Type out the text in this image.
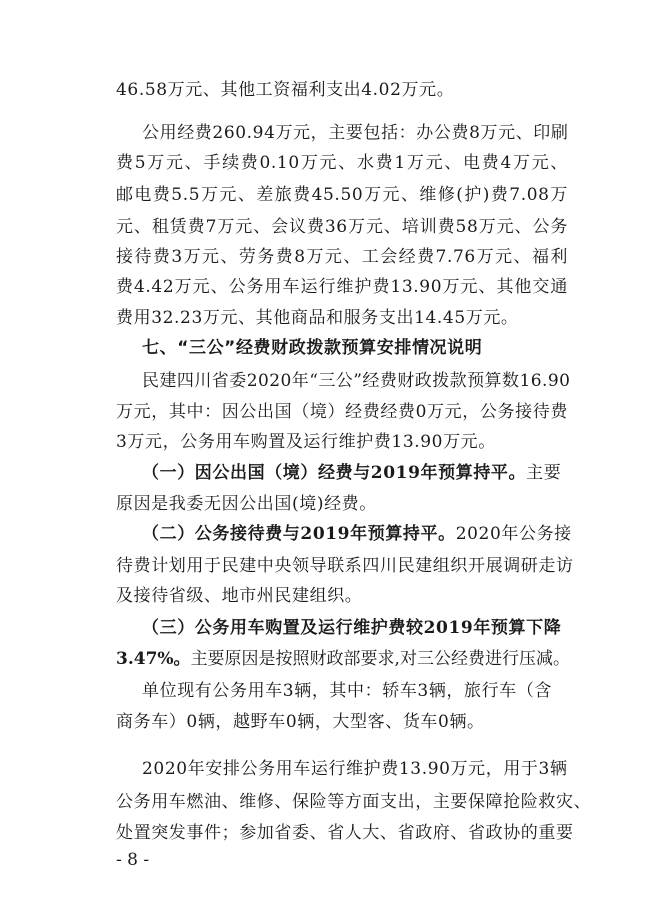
46.58万元、其他工资福利支出4.02万元。
公用经费260.94万元，主要包括：办公费8万元、印刷
费5万元、手续费0.10万元、水费1万元、电费4万元、
邮电费5.5万元、差旅费45.50万元、维修(护)费7.08万
元、租赁费7万元、会议费36万元、培训费58万元、公务
接待费3万元、劳务费8万元、工会经费7.76万元、福利
费4.42万元、公务用车运行维护费13.90万元、其他交通
费用32.23万元、其他商品和服务支出14.45万元。
七、“三公”经费财政拨款预算安排情况说明
民建四川省委2020年“三公”经费财政拨款预算数16.90
万元，其中：因公出国（境）经费经费0万元，公务接待费
3万元，公务用车购置及运行维护费13.90万元。
（一）因公出国（境）经费与2019年预算持平。主要
原因是我委无因公出国(境)经费。
（二）公务接待费与2019年预算持平。2020年公务接
待费计划用于民建中央领导联系四川民建组织开展调研走访
及接待省级、地市州民建组织。
（三）公务用车购置及运行维护费较2019年预算下降
3.47%。主要原因是按照财政部要求,对三公经费进行压减。
单位现有公务用车3辆，其中：轿车3辆，旅行车（含
商务车）0辆，越野车0辆，大型客、货车0辆。
2020年安排公务用车运行维护费13.90万元，用于3辆
公务用车燃油、维修、保险等方面支出，主要保障抢险救灾、
处置突发事件；参加省委、省人大、省政府、省政协的重要
- 8 -
